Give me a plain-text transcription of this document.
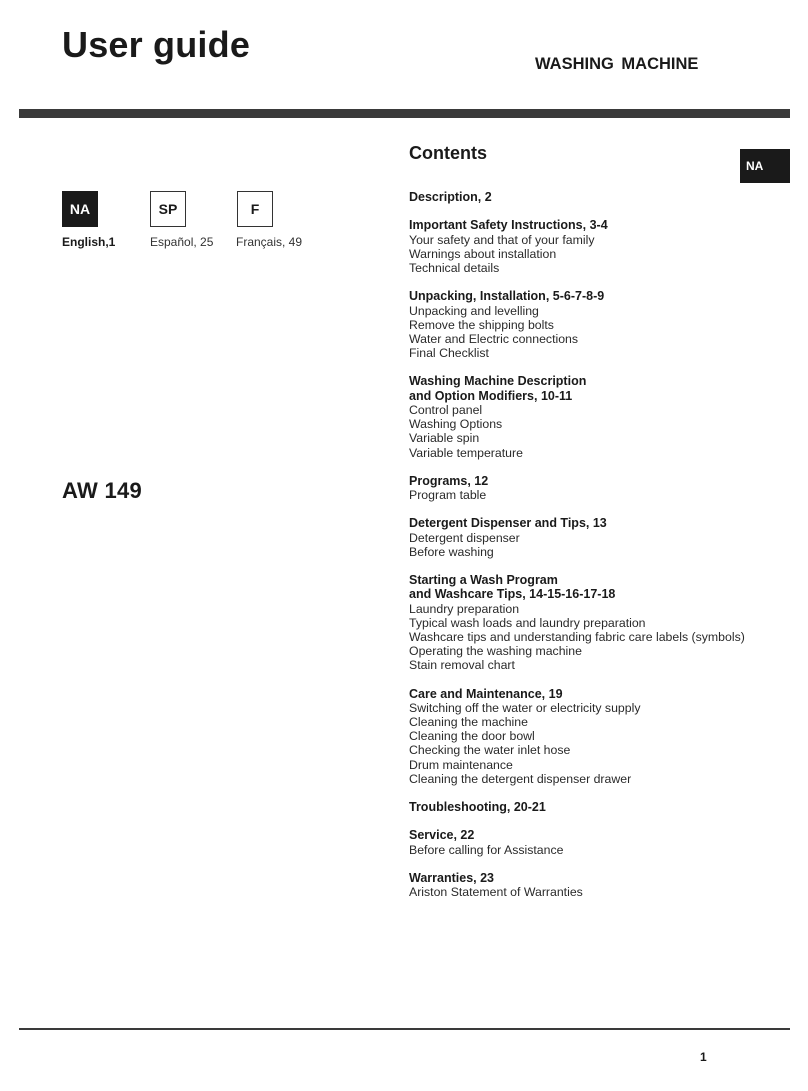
User guide	WASHING MACHINE
NA
NA
English,1
SP
Español, 25
F
Français, 49
AW 149
Contents
Description, 2
Important Safety Instructions, 3-4
Your safety and that of your family
Warnings about installation
Technical details
Unpacking, Installation, 5-6-7-8-9
Unpacking and levelling
Remove the shipping bolts
Water and Electric connections
Final Checklist
Washing Machine Description
and Option Modifiers, 10-11
Control panel
Washing Options
Variable spin
Variable temperature
Programs, 12
Program table
Detergent Dispenser and Tips, 13
Detergent dispenser
Before washing
Starting a Wash Program
and Washcare Tips, 14-15-16-17-18
Laundry preparation
Typical wash loads and laundry preparation
Washcare tips and understanding fabric care labels (symbols)
Operating the washing machine
Stain removal chart
Care and Maintenance, 19
Switching off the water or electricity supply
Cleaning the machine
Cleaning the door bowl
Checking the water inlet hose
Drum maintenance
Cleaning the detergent dispenser drawer
Troubleshooting, 20-21
Service, 22
Before calling for Assistance
Warranties, 23
Ariston Statement of Warranties
1
